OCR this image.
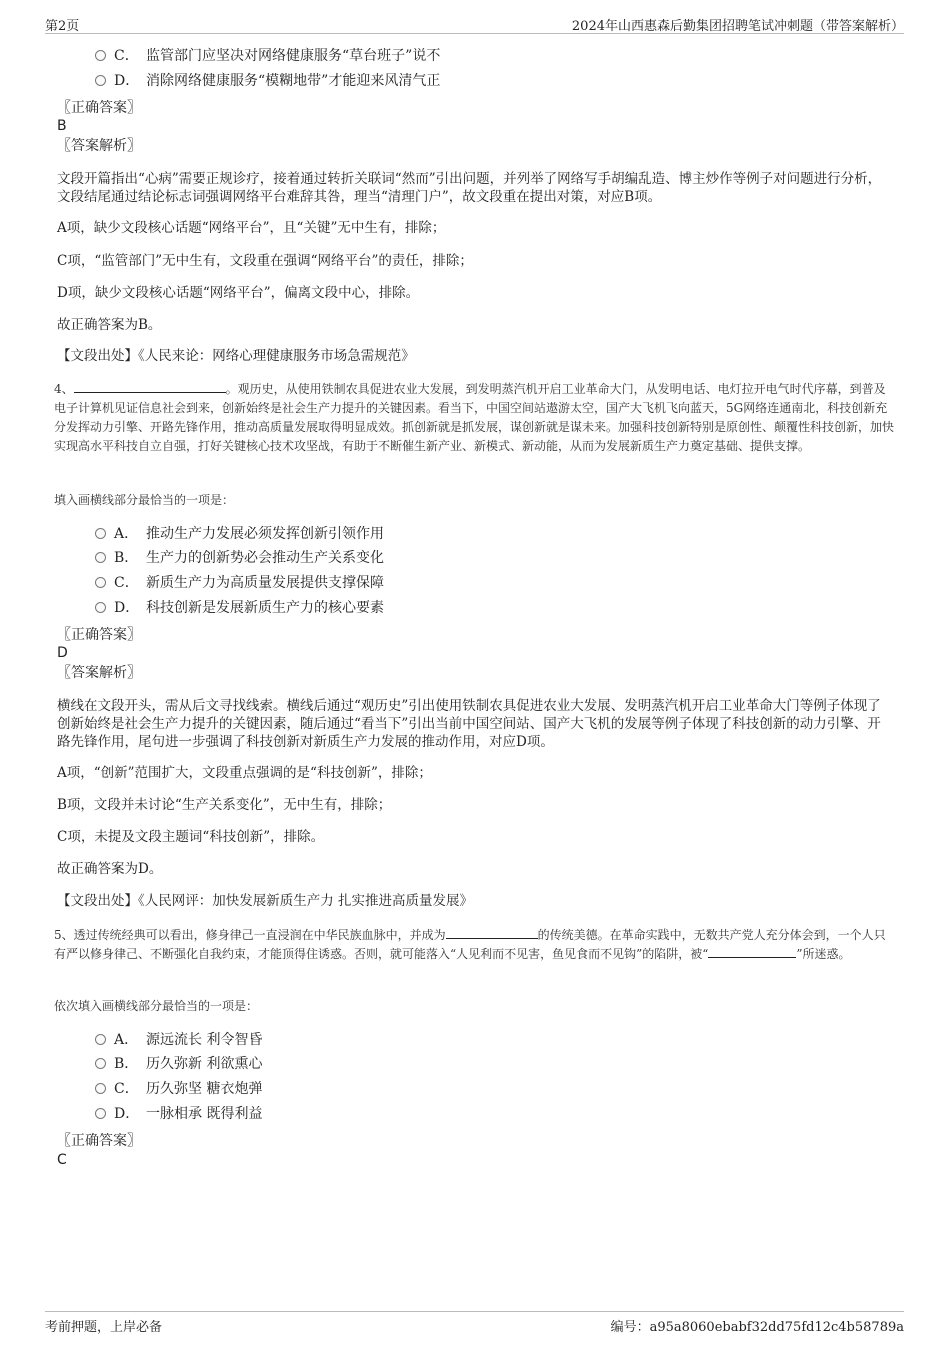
第2页	2024年山西惠森后勤集团招聘笔试冲刺题（带答案解析）
C． 监管部门应坚决对网络健康服务“草台班子”说不
D． 消除网络健康服务“模糊地带”才能迎来风清气正
〖正确答案〗
B
〖答案解析〗
文段开篇指出“心病”需要正规诊疗，接着通过转折关联词“然而”引出问题，并列举了网络写手胡编乱造、博主炒作等例子对问题进行分析，文段结尾通过结论标志词强调网络平台难辞其咎，理当“清理门户”，故文段重在提出对策，对应B项。
A项，缺少文段核心话题“网络平台”，且“关键”无中生有，排除；
C项，“监管部门”无中生有，文段重在强调“网络平台”的责任，排除；
D项，缺少文段核心话题“网络平台”，偏离文段中心，排除。
故正确答案为B。
【文段出处】《人民来论：网络心理健康服务市场急需规范》
4、	。观历史，从使用铁制农具促进农业大发展，到发明蒸汽机开启工业革命大门，从发明电话、电灯拉开电气时代序幕，到普及电子计算机见证信息社会到来，创新始终是社会生产力提升的关键因素。看当下，中国空间站遨游太空，国产大飞机飞向蓝天，5G网络连通南北，科技创新充分发挥动力引擎、开路先锋作用，推动高质量发展取得明显成效。抓创新就是抓发展，谋创新就是谋未来。加强科技创新特别是原创性、颠覆性科技创新，加快实现高水平科技自立自强，打好关键核心技术攻坚战，有助于不断催生新产业、新模式、新动能，从而为发展新质生产力奠定基础、提供支撑。
填入画横线部分最恰当的一项是：
A． 推动生产力发展必须发挥创新引领作用
B． 生产力的创新势必会推动生产关系变化
C． 新质生产力为高质量发展提供支撑保障
D． 科技创新是发展新质生产力的核心要素
〖正确答案〗
D
〖答案解析〗
横线在文段开头，需从后文寻找线索。横线后通过“观历史”引出使用铁制农具促进农业大发展、发明蒸汽机开启工业革命大门等例子体现了创新始终是社会生产力提升的关键因素，随后通过“看当下”引出当前中国空间站、国产大飞机的发展等例子体现了科技创新的动力引擎、开路先锋作用，尾句进一步强调了科技创新对新质生产力发展的推动作用，对应D项。
A项，“创新”范围扩大，文段重点强调的是“科技创新”，排除；
B项，文段并未讨论“生产关系变化”，无中生有，排除；
C项，未提及文段主题词“科技创新”，排除。
故正确答案为D。
【文段出处】《人民网评：加快发展新质生产力 扎实推进高质量发展》
5、透过传统经典可以看出，修身律己一直浸润在中华民族血脉中，并成为	的传统美德。在革命实践中，无数共产党人充分体会到，一个人只有严以修身律己、不断强化自我约束，才能顶得住诱惑。否则，就可能落入“人见利而不见害，鱼见食而不见钩”的陷阱，被“	”所迷惑。
依次填入画横线部分最恰当的一项是：
A． 源远流长 利令智昏
B． 历久弥新 利欲熏心
C． 历久弥坚 糖衣炮弹
D． 一脉相承 既得利益
〖正确答案〗
C
考前押题，上岸必备	编号：a95a8060ebabf32dd75fd12c4b58789a
